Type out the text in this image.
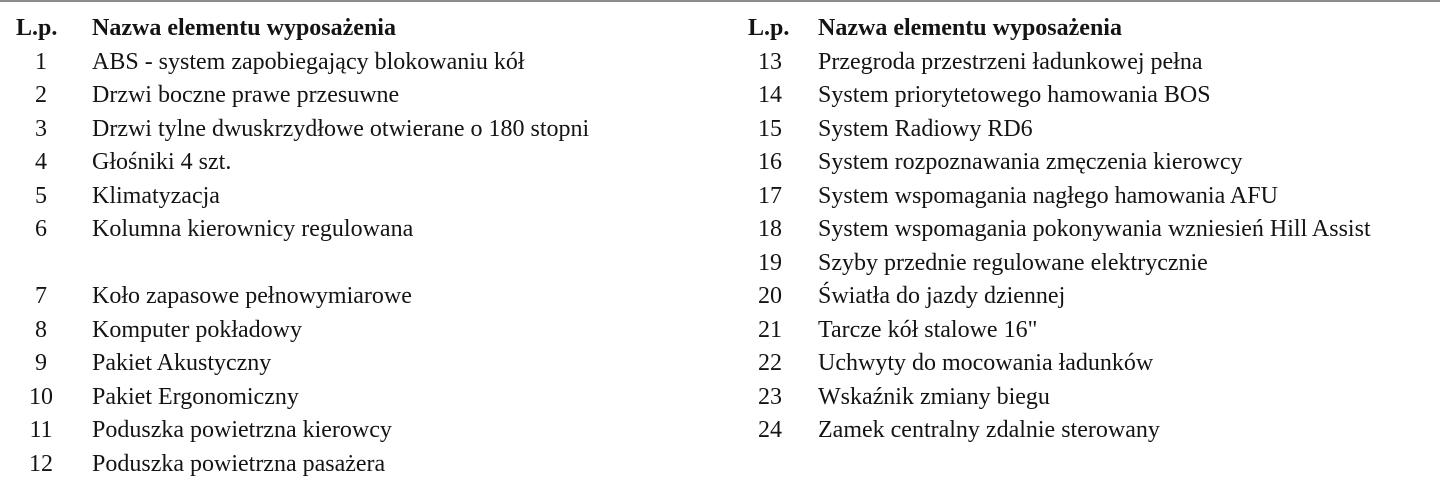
L.p.	Nazwa elementu wyposażenia
1	ABS - system zapobiegający blokowaniu kół
2	Drzwi boczne prawe przesuwne
3	Drzwi tylne dwuskrzydłowe otwierane o 180 stopni
4	Głośniki 4 szt.
5	Klimatyzacja
6	Kolumna kierownicy regulowana
7	Koło zapasowe pełnowymiarowe
8	Komputer pokładowy
9	Pakiet Akustyczny
10	Pakiet Ergonomiczny
11	Poduszka powietrzna kierowcy
12	Poduszka powietrzna pasażera
L.p.	Nazwa elementu wyposażenia
13	Przegroda przestrzeni ładunkowej pełna
14	System priorytetowego hamowania BOS
15	System Radiowy RD6
16	System rozpoznawania zmęczenia kierowcy
17	System wspomagania nagłego hamowania AFU
18	System wspomagania pokonywania wzniesień Hill Assist
19	Szyby przednie regulowane elektrycznie
20	Światła do jazdy dziennej
21	Tarcze kół stalowe 16"
22	Uchwyty do mocowania ładunków
23	Wskaźnik zmiany biegu
24	Zamek centralny zdalnie sterowany
